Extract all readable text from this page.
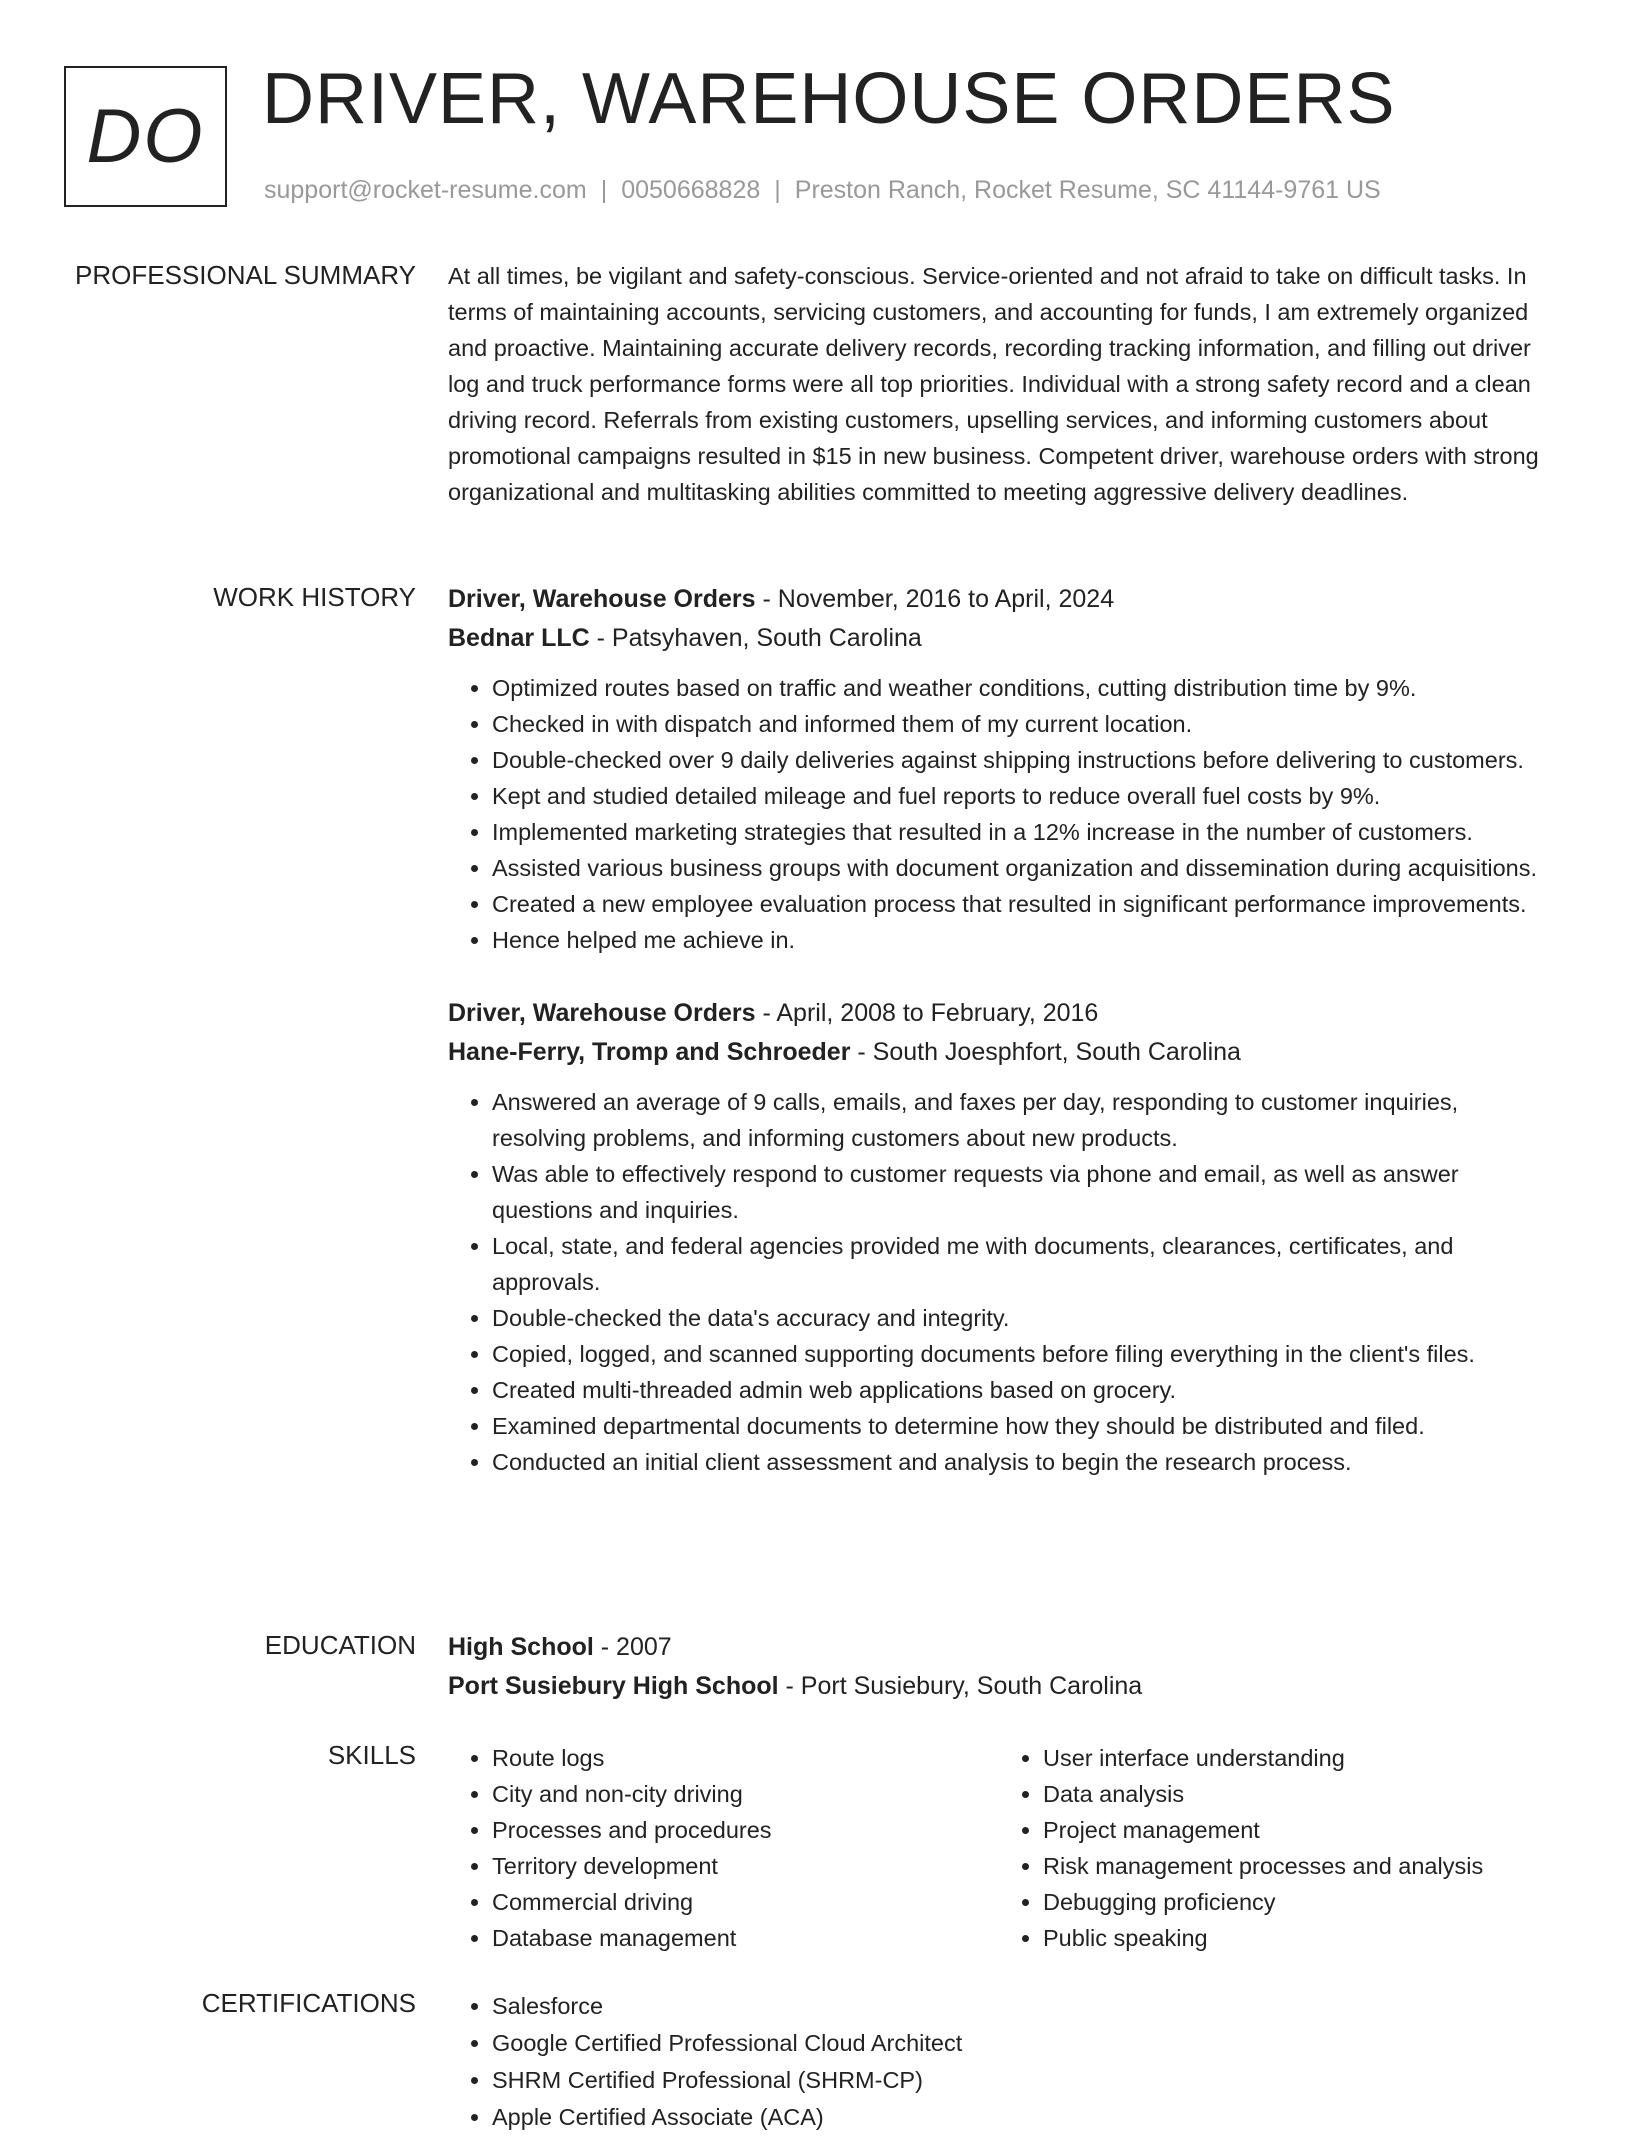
DO DRIVER, WAREHOUSE ORDERS
support@rocket-resume.com | 0050668828 | Preston Ranch, Rocket Resume, SC 41144-9761 US
PROFESSIONAL SUMMARY At all times, be vigilant and safety-conscious. Service-oriented and not afraid to take on difficult tasks. In terms of maintaining accounts, servicing customers, and accounting for funds, I am extremely organized and proactive. Maintaining accurate delivery records, recording tracking information, and filling out driver log and truck performance forms were all top priorities. Individual with a strong safety record and a clean driving record. Referrals from existing customers, upselling services, and informing customers about promotional campaigns resulted in $15 in new business. Competent driver, warehouse orders with strong organizational and multitasking abilities committed to meeting aggressive delivery deadlines.

WORK HISTORY Driver, Warehouse Orders - November, 2016 to April, 2024
Bednar LLC - Patsyhaven, South Carolina
• Optimized routes based on traffic and weather conditions, cutting distribution time by 9%.
• Checked in with dispatch and informed them of my current location.
• Double-checked over 9 daily deliveries against shipping instructions before delivering to customers.
• Kept and studied detailed mileage and fuel reports to reduce overall fuel costs by 9%.
• Implemented marketing strategies that resulted in a 12% increase in the number of customers.
• Assisted various business groups with document organization and dissemination during acquisitions.
• Created a new employee evaluation process that resulted in significant performance improvements.
• Hence helped me achieve in.
Driver, Warehouse Orders - April, 2008 to February, 2016
Hane-Ferry, Tromp and Schroeder - South Joesphfort, South Carolina
• Answered an average of 9 calls, emails, and faxes per day, responding to customer inquiries, resolving problems, and informing customers about new products.
• Was able to effectively respond to customer requests via phone and email, as well as answer questions and inquiries.
• Local, state, and federal agencies provided me with documents, clearances, certificates, and approvals.
• Double-checked the data's accuracy and integrity.
• Copied, logged, and scanned supporting documents before filing everything in the client's files.
• Created multi-threaded admin web applications based on grocery.
• Examined departmental documents to determine how they should be distributed and filed.
• Conducted an initial client assessment and analysis to begin the research process.
EDUCATION High School - 2007
Port Susiebury High School - Port Susiebury, South Carolina
SKILLS	• Route logs
• City and non-city driving
• Processes and procedures
• Territory development
• Commercial driving
• Database management
• User interface understanding
• Data analysis
• Project management
• Risk management processes and analysis
• Debugging proficiency
• Public speaking
CERTIFICATIONS	• Salesforce
• Google Certified Professional Cloud Architect
• SHRM Certified Professional (SHRM-CP)
• Apple Certified Associate (ACA)
